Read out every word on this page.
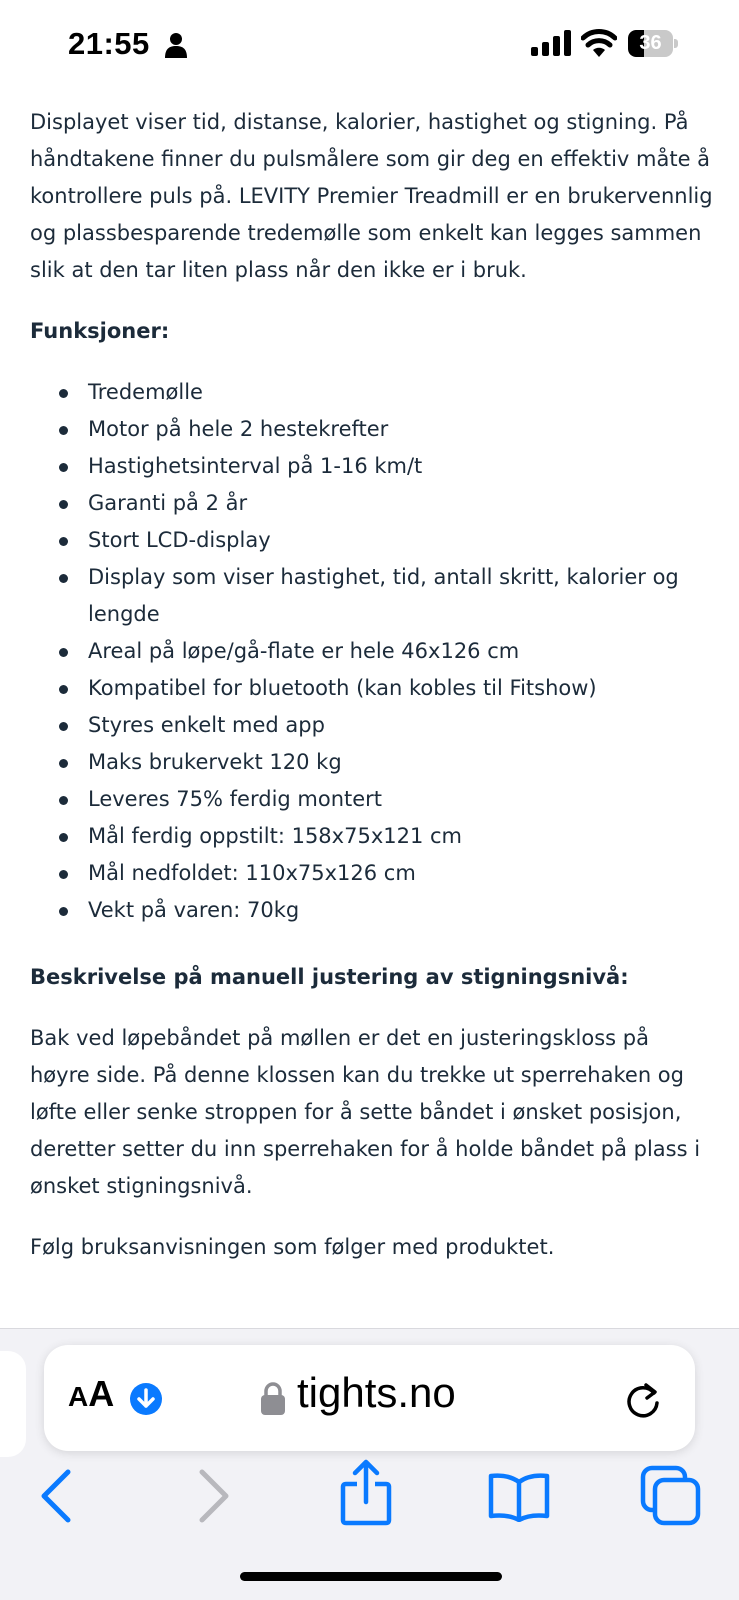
21:55	36

Displayet viser tid, distanse, kalorier, hastighet og stigning. På håndtakene finner du pulsmålere som gir deg en effektiv måte å kontrollere puls på. LEVITY Premier Treadmill er en brukervennlig og plassbesparende tredemølle som enkelt kan legges sammen slik at den tar liten plass når den ikke er i bruk.

Funksjoner:

Tredemølle
Motor på hele 2 hestekrefter
Hastighetsinterval på 1-16 km/t
Garanti på 2 år
Stort LCD-display
Display som viser hastighet, tid, antall skritt, kalorier og lengde
Areal på løpe/gå-flate er hele 46x126 cm
Kompatibel for bluetooth (kan kobles til Fitshow)
Styres enkelt med app
Maks brukervekt 120 kg
Leveres 75% ferdig montert
Mål ferdig oppstilt: 158x75x121 cm
Mål nedfoldet: 110x75x126 cm
Vekt på varen: 70kg

Beskrivelse på manuell justering av stigningsnivå:

Bak ved løpebåndet på møllen er det en justeringskloss på høyre side. På denne klossen kan du trekke ut sperrehaken og løfte eller senke stroppen for å sette båndet i ønsket posisjon, deretter setter du inn sperrehaken for å holde båndet på plass i ønsket stigningsnivå.

Følg bruksanvisningen som følger med produktet.

A A	tights.no
